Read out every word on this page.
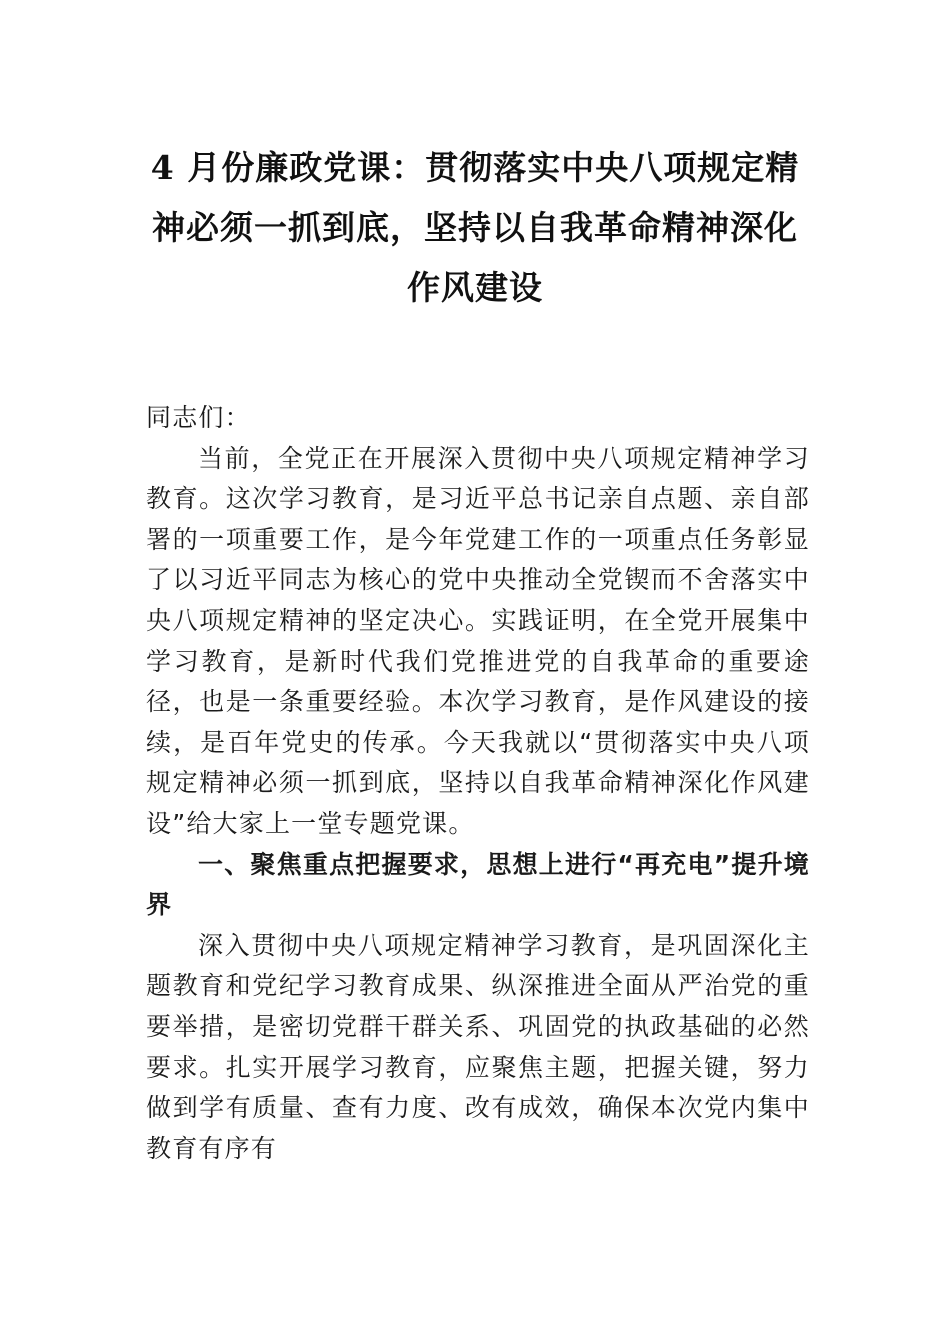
4 月份廉政党课：贯彻落实中央八项规定精神必须一抓到底，坚持以自我革命精神深化作风建设

同志们：

当前，全党正在开展深入贯彻中央八项规定精神学习教育。这次学习教育，是习近平总书记亲自点题、亲自部署的一项重要工作，是今年党建工作的一项重点任务彰显了以习近平同志为核心的党中央推动全党锲而不舍落实中央八项规定精神的坚定决心。实践证明，在全党开展集中学习教育，是新时代我们党推进党的自我革命的重要途径，也是一条重要经验。本次学习教育，是作风建设的接续，是百年党史的传承。今天我就以“贯彻落实中央八项规定精神必须一抓到底，坚持以自我革命精神深化作风建设”给大家上一堂专题党课。

一、聚焦重点把握要求，思想上进行“再充电”提升境界

深入贯彻中央八项规定精神学习教育，是巩固深化主题教育和党纪学习教育成果、纵深推进全面从严治党的重要举措，是密切党群干群关系、巩固党的执政基础的必然要求。扎实开展学习教育，应聚焦主题，把握关键，努力做到学有质量、查有力度、改有成效，确保本次党内集中教育有序有
